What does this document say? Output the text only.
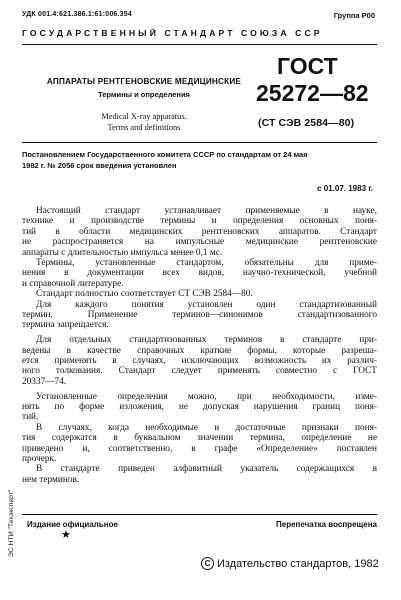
УДК 001.4:621.386.1:61:006.354	Группа Р00
ГОСУДАРСТВЕННЫЙ СТАНДАРТ СОЮЗА ССР
АППАРАТЫ РЕНТГЕНОВСКИЕ МЕДИЦИНСКИЕ
Термины и определения
Medical X-ray apparatus.
Terms and definitions
ГОСТ
25272—82
(СТ СЭВ 2584—80)
Постановлением Государственного комитета СССР по стандартам от 24 мая
1982 г. № 2056 срок введения установлен
с 01.07. 1983 г.
Настоящий стандарт устанавливает применяемые в науке,
технике и производстве термины и определения основных поня-
тий в области медицинских рентгеновских аппаратов. Стандарт
не распространяется на импульсные медицинские рентгеновские
аппараты с длительностью импульса менее 0,1 мс.
Термины, установленные стандартом, обязательны для приме-
нения в документации всех видов, научно-технической, учебной
и справочной литературе.
Стандарт полностью соответствует СТ СЭВ 2584—80.
Для каждого понятия установлен один стандартизованный
термин. Применение терминов—синонимов стандартизованного
термина запрещается.
Для отдельных стандартизованных терминов в стандарте при-
ведены в качестве справочных краткие формы, которые разреша-
ется применять в случаях, исключающих возможность их различ-
ного толкования. Стандарт следует применять совместно с ГОСТ
20337—74.
Установленные определения можно, при необходимости, изме-
нять по форме изложения, не допуская нарушения границ поня-
тий.
В случаях, когда необходимые и достаточные признаки поня-
тия содержатся в буквальном значении термина, определение не
приведено и, соответственно, в графе «Определение» поставлен
прочерк.
В стандарте приведен алфавитный указатель содержащихся в
нем терминов.
ЭС НТИ "Техэксперт" Издание официальное	Перепечатка воспрещена
★
C Издательство стандартов, 1982
